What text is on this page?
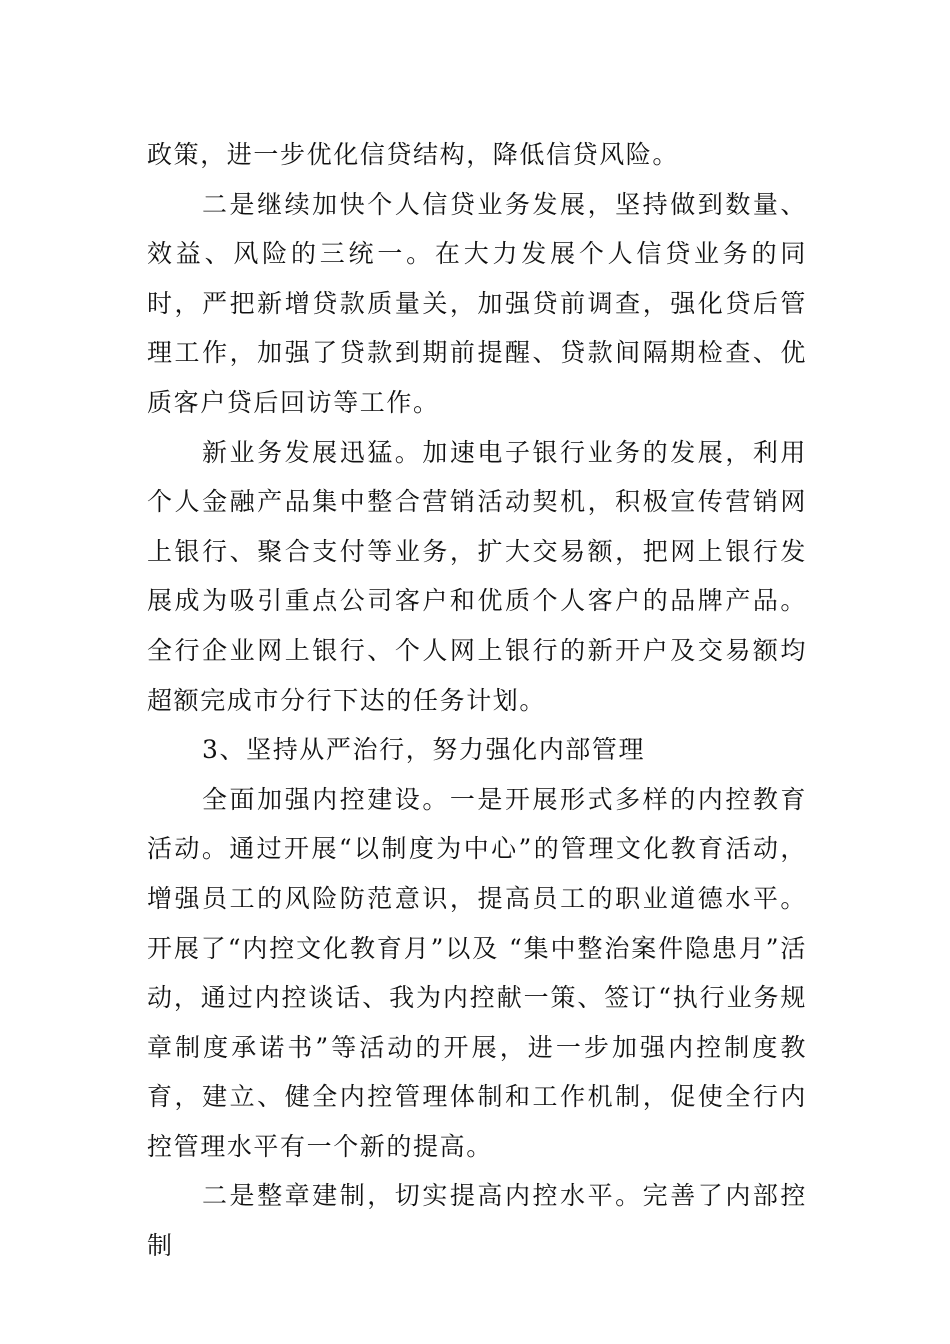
政策，进一步优化信贷结构，降低信贷风险。

二是继续加快个人信贷业务发展，坚持做到数量、效益、风险的三统一。在大力发展个人信贷业务的同时，严把新增贷款质量关，加强贷前调查，强化贷后管理工作，加强了贷款到期前提醒、贷款间隔期检查、优质客户贷后回访等工作。

新业务发展迅猛。加速电子银行业务的发展，利用个人金融产品集中整合营销活动契机，积极宣传营销网上银行、聚合支付等业务，扩大交易额，把网上银行发展成为吸引重点公司客户和优质个人客户的品牌产品。全行企业网上银行、个人网上银行的新开户及交易额均超额完成市分行下达的任务计划。

3、坚持从严治行，努力强化内部管理

全面加强内控建设。一是开展形式多样的内控教育活动。通过开展“以制度为中心”的管理文化教育活动，增强员工的风险防范意识，提高员工的职业道德水平。开展了“内控文化教育月”以及 “集中整治案件隐患月”活动，通过内控谈话、我为内控献一策、签订“执行业务规章制度承诺书”等活动的开展，进一步加强内控制度教育，建立、健全内控管理体制和工作机制，促使全行内控管理水平有一个新的提高。

二是整章建制，切实提高内控水平。完善了内部控制
